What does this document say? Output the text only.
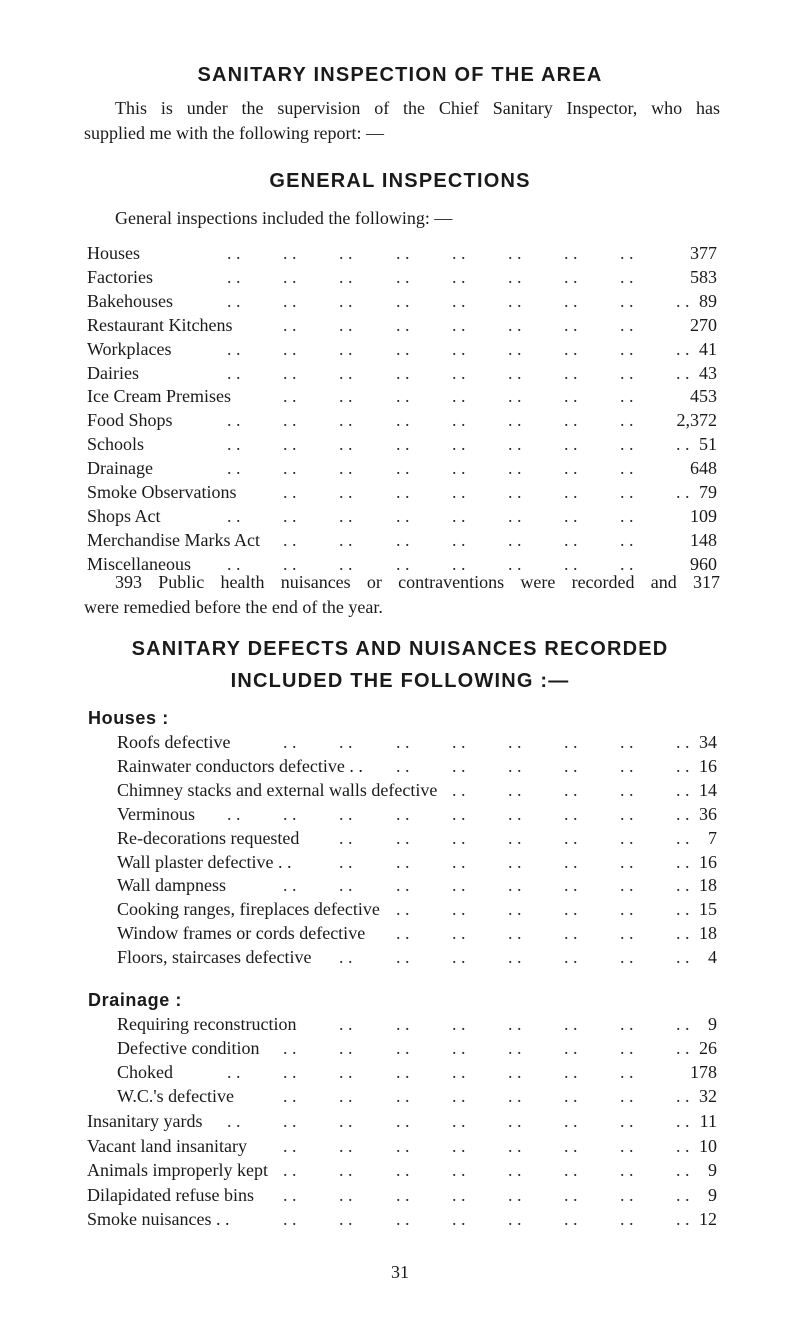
SANITARY INSPECTION OF THE AREA

This is under the supervision of the Chief Sanitary Inspector, who has
supplied me with the following report: —

GENERAL INSPECTIONS

General inspections included the following: —

Houses	. . . . . . . . . . . . . . . .	377
Factories	. . . . . . . . . . . . . . . .	583
Bakehouses	. . . . . . . . . . . . . . . . . . 89
Restaurant Kitchens	. . . . . . . . . . . . . .	270
Workplaces	. . . . . . . . . . . . . . . . . . 41
Dairies	. . . . . . . . . . . . . . . . . . 43
Ice Cream Premises	. . . . . . . . . . . . . .	453
Food Shops	. . . . . . . . . . . . . . . . 2,372
Schools	. . . . . . . . . . . . . . . . . . 51
Drainage	. . . . . . . . . . . . . . . .	648
Smoke Observations	. . . . . . . . . . . . . . . . 79
Shops Act	. . . . . . . . . . . . . . . .	109
Merchandise Marks Act . . . . . . . . . . . . . .	148
Miscellaneous . . . . . . . . . . . . . . . .	960

393 Public health nuisances or contraventions were recorded and 317
were remedied before the end of the year.

SANITARY DEFECTS AND NUISANCES RECORDED
INCLUDED THE FOLLOWING :—
Houses :
Roofs defective	. . . . . . . . . . . . . . . . 34
Rainwater conductors defective . . . . . . . . . . . . . . 16
Chimney stacks and external walls defective . . . . . . . . . . 14
Verminous . . . . . . . . . . . . . . . . . . 36
Re-decorations requested . . . . . . . . . . . . . . 7
Wall plaster defective . .	. . . . . . . . . . . . . . 16
Wall dampness	. . . . . . . . . . . . . . . . 18
Cooking ranges, fireplaces defective . . . . . . . . . . . . 15
Window frames or cords defective . . . . . . . . . . . . 18
Floors, staircases defective . . . . . . . . . . . . . . 4
Drainage :
Requiring reconstruction . . . . . . . . . . . . . . 9
Defective condition . . . . . . . . . . . . . . . . 26
Choked	. . . . . . . . . . . . . . . .	178
W.C.'s defective	. . . . . . . . . . . . . . . . 32
Insanitary yards . . . . . . . . . . . . . . . . . . 11
Vacant land insanitary . . . . . . . . . . . . . . . . 10
Animals improperly kept . . . . . . . . . . . . . . . . 9
Dilapidated refuse bins . . . . . . . . . . . . . . . . 9
Smoke nuisances . .	. . . . . . . . . . . . . . . . 12

31
